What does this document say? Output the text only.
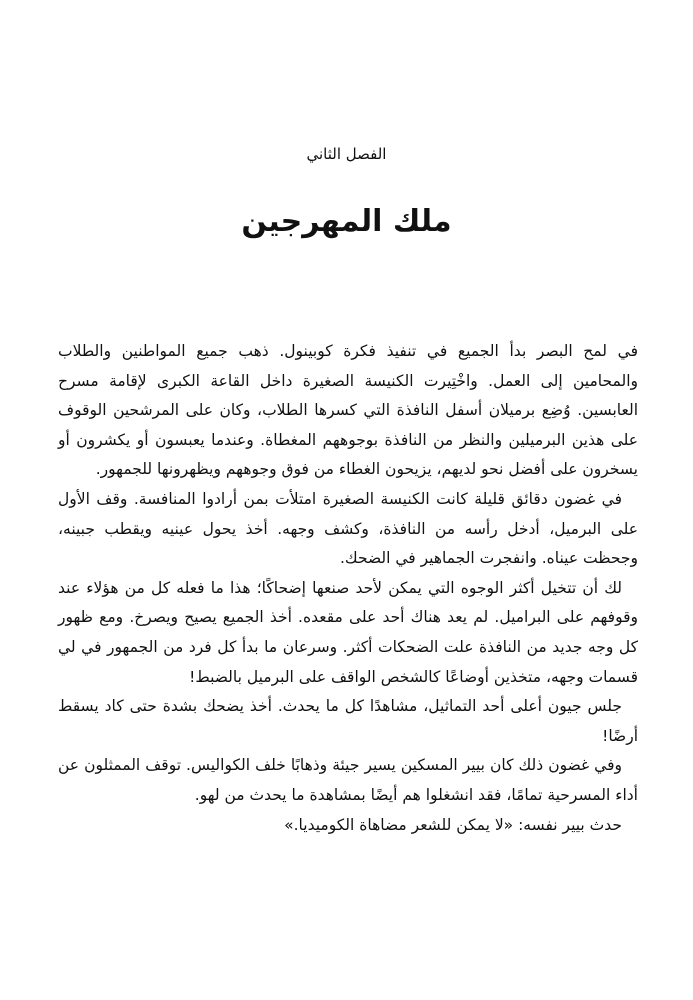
الفصل الثاني
ملك المهرجين

في لمح البصر بدأ الجميع في تنفيذ فكرة كوبينول. ذهب جميع المواطنين والطلاب والمحامين إلى العمل. واخْتِيرت الكنيسة الصغيرة داخل القاعة الكبرى لإقامة مسرح العابسين. وُضِع برميلان أسفل النافذة التي كسرها الطلاب، وكان على المرشحين الوقوف على هذين البرميلين والنظر من النافذة بوجوههم المغطاة. وعندما يعبسون أو يكشرون أو يسخرون على أفضل نحو لديهم، يزيحون الغطاء من فوق وجوههم ويظهرونها للجمهور.

في غضون دقائق قليلة كانت الكنيسة الصغيرة امتلأت بمن أرادوا المنافسة. وقف الأول على البرميل، أدخل رأسه من النافذة، وكشف وجهه. أخذ يحول عينيه ويقطب جبينه، وجحظت عيناه. وانفجرت الجماهير في الضحك.

لك أن تتخيل أكثر الوجوه التي يمكن لأحد صنعها إضحاكًا؛ هذا ما فعله كل من هؤلاء عند وقوفهم على البراميل. لم يعد هناك أحد على مقعده. أخذ الجميع يصيح ويصرخ. ومع ظهور كل وجه جديد من النافذة علت الضحكات أكثر. وسرعان ما بدأ كل فرد من الجمهور في لي قسمات وجهه، متخذين أوضاعًا كالشخص الواقف على البرميل بالضبط!

جلس جيون أعلى أحد التماثيل، مشاهدًا كل ما يحدث. أخذ يضحك بشدة حتى كاد يسقط أرضًا!

وفي غضون ذلك كان بيير المسكين يسير جيئة وذهابًا خلف الكواليس. توقف الممثلون عن أداء المسرحية تمامًا، فقد انشغلوا هم أيضًا بمشاهدة ما يحدث من لهو.

حدث بيير نفسه: «لا يمكن للشعر مضاهاة الكوميديا.»
